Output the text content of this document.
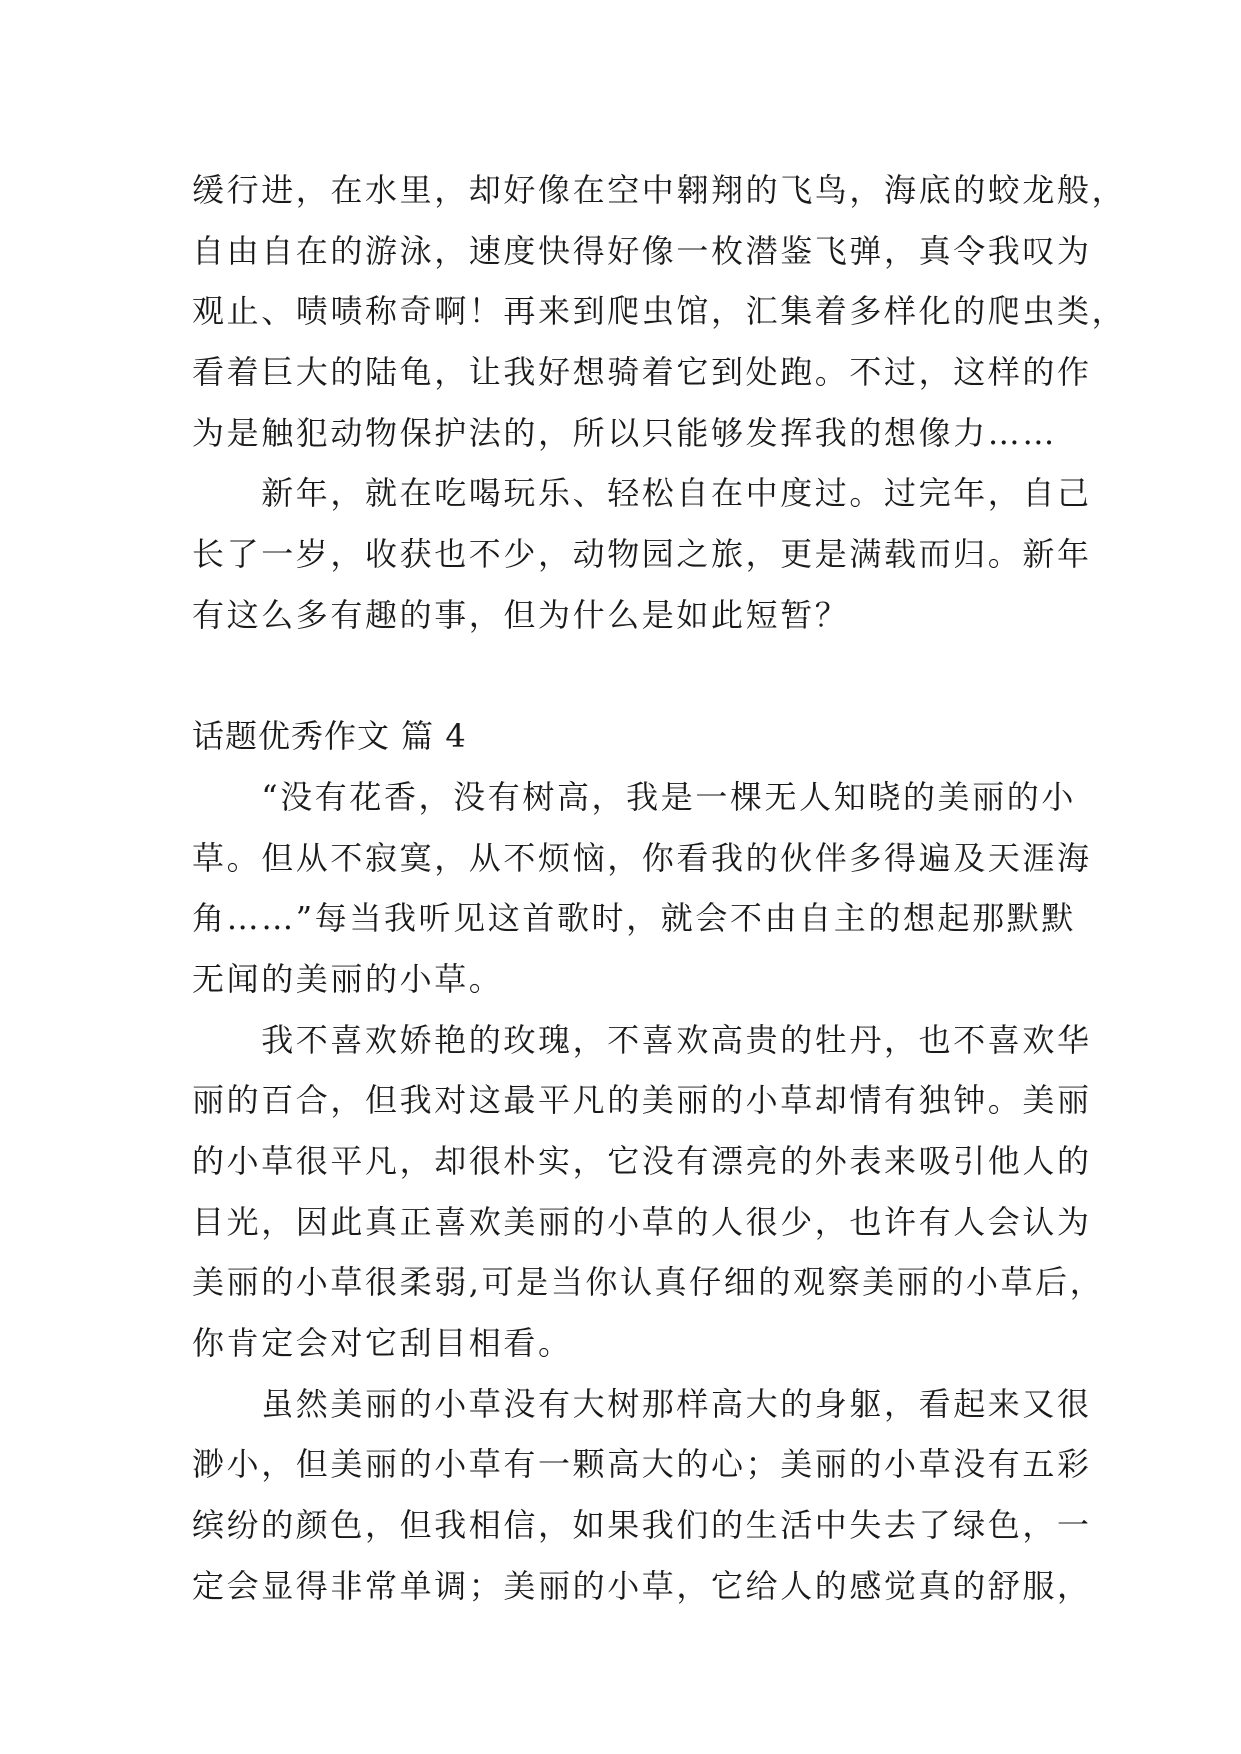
缓行进，在水里，却好像在空中翱翔的飞鸟，海底的蛟龙般，
自由自在的游泳，速度快得好像一枚潜鉴飞弹，真令我叹为
观止、啧啧称奇啊！再来到爬虫馆，汇集着多样化的爬虫类，
看着巨大的陆龟，让我好想骑着它到处跑。不过，这样的作
为是触犯动物保护法的，所以只能够发挥我的想像力……
　　新年，就在吃喝玩乐、轻松自在中度过。过完年，自己
长了一岁，收获也不少，动物园之旅，更是满载而归。新年
有这么多有趣的事，但为什么是如此短暂？
话题优秀作文 篇 4
　　“没有花香，没有树高，我是一棵无人知晓的美丽的小
草。但从不寂寞，从不烦恼，你看我的伙伴多得遍及天涯海
角……”每当我听见这首歌时，就会不由自主的想起那默默
无闻的美丽的小草。
　　我不喜欢娇艳的玫瑰，不喜欢高贵的牡丹，也不喜欢华
丽的百合，但我对这最平凡的美丽的小草却情有独钟。美丽
的小草很平凡，却很朴实，它没有漂亮的外表来吸引他人的
目光，因此真正喜欢美丽的小草的人很少，也许有人会认为
美丽的小草很柔弱,可是当你认真仔细的观察美丽的小草后，
你肯定会对它刮目相看。
　　虽然美丽的小草没有大树那样高大的身躯，看起来又很
渺小，但美丽的小草有一颗高大的心；美丽的小草没有五彩
缤纷的颜色，但我相信，如果我们的生活中失去了绿色，一
定会显得非常单调；美丽的小草，它给人的感觉真的舒服，
